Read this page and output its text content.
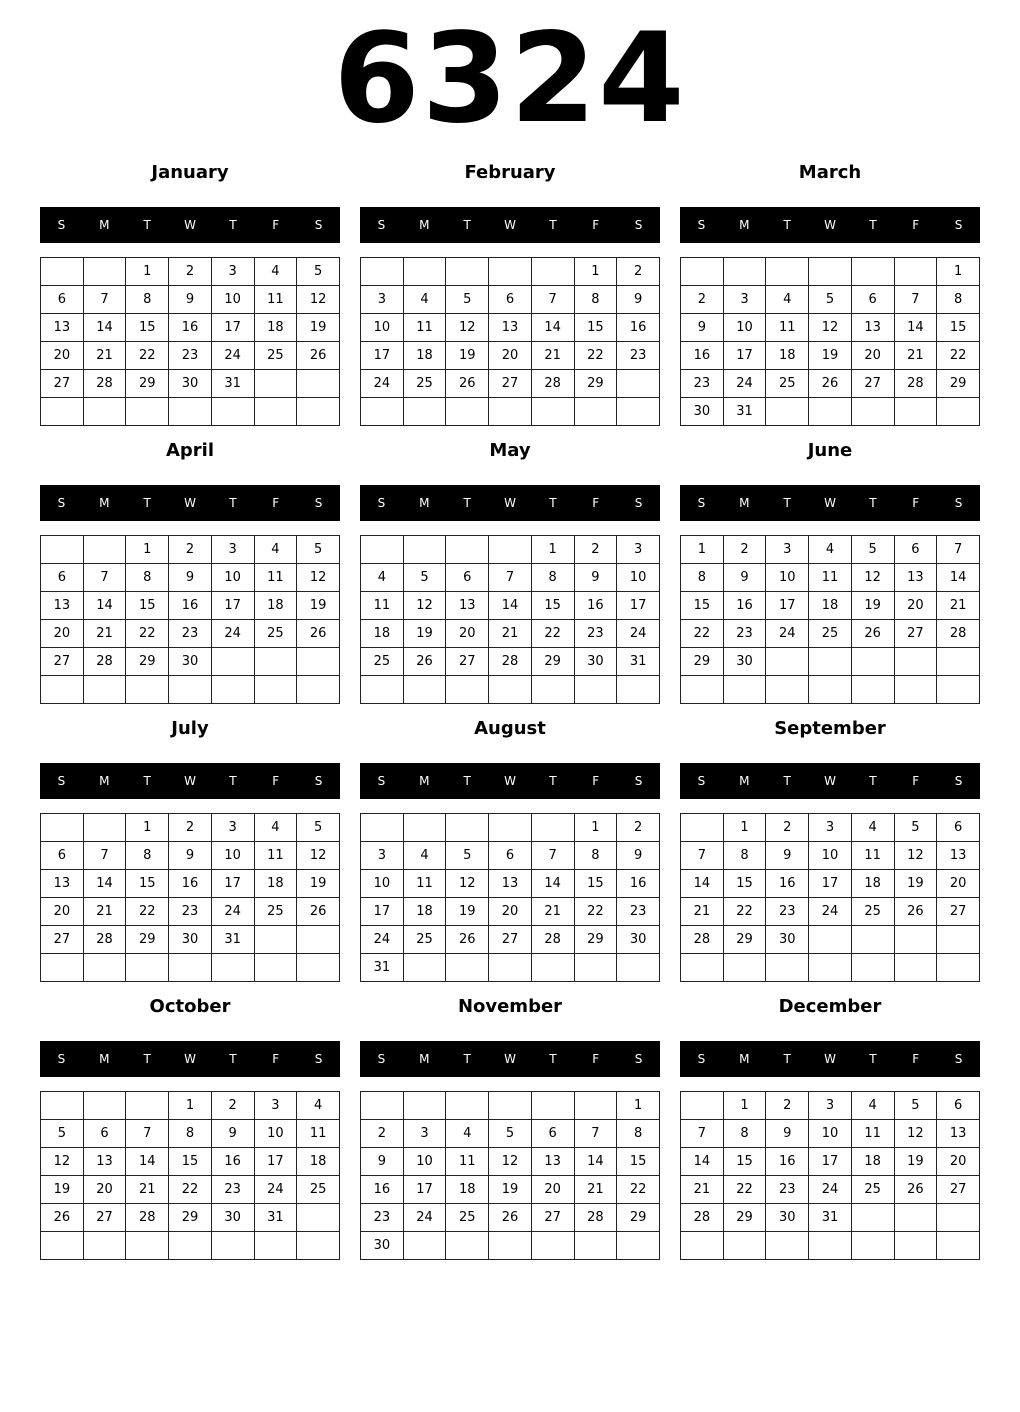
6324
January
S	M	T	W	T	F	S
		1	2	3	4	5
6	7	8	9	10	11	12
13	14	15	16	17	18	19
20	21	22	23	24	25	26
27	28	29	30	31		

February
S	M	T	W	T	F	S
					1	2
3	4	5	6	7	8	9
10	11	12	13	14	15	16
17	18	19	20	21	22	23
24	25	26	27	28	29	

March
S	M	T	W	T	F	S
						1
2	3	4	5	6	7	8
9	10	11	12	13	14	15
16	17	18	19	20	21	22
23	24	25	26	27	28	29
30	31					
April
S	M	T	W	T	F	S
		1	2	3	4	5
6	7	8	9	10	11	12
13	14	15	16	17	18	19
20	21	22	23	24	25	26
27	28	29	30			

May
S	M	T	W	T	F	S
				1	2	3
4	5	6	7	8	9	10
11	12	13	14	15	16	17
18	19	20	21	22	23	24
25	26	27	28	29	30	31

June
S	M	T	W	T	F	S
1	2	3	4	5	6	7
8	9	10	11	12	13	14
15	16	17	18	19	20	21
22	23	24	25	26	27	28
29	30					

July
S	M	T	W	T	F	S
		1	2	3	4	5
6	7	8	9	10	11	12
13	14	15	16	17	18	19
20	21	22	23	24	25	26
27	28	29	30	31		

August
S	M	T	W	T	F	S
					1	2
3	4	5	6	7	8	9
10	11	12	13	14	15	16
17	18	19	20	21	22	23
24	25	26	27	28	29	30
31						
September
S	M	T	W	T	F	S
	1	2	3	4	5	6
7	8	9	10	11	12	13
14	15	16	17	18	19	20
21	22	23	24	25	26	27
28	29	30				

October
S	M	T	W	T	F	S
			1	2	3	4
5	6	7	8	9	10	11
12	13	14	15	16	17	18
19	20	21	22	23	24	25
26	27	28	29	30	31	

November
S	M	T	W	T	F	S
						1
2	3	4	5	6	7	8
9	10	11	12	13	14	15
16	17	18	19	20	21	22
23	24	25	26	27	28	29
30						
December
S	M	T	W	T	F	S
	1	2	3	4	5	6
7	8	9	10	11	12	13
14	15	16	17	18	19	20
21	22	23	24	25	26	27
28	29	30	31			
